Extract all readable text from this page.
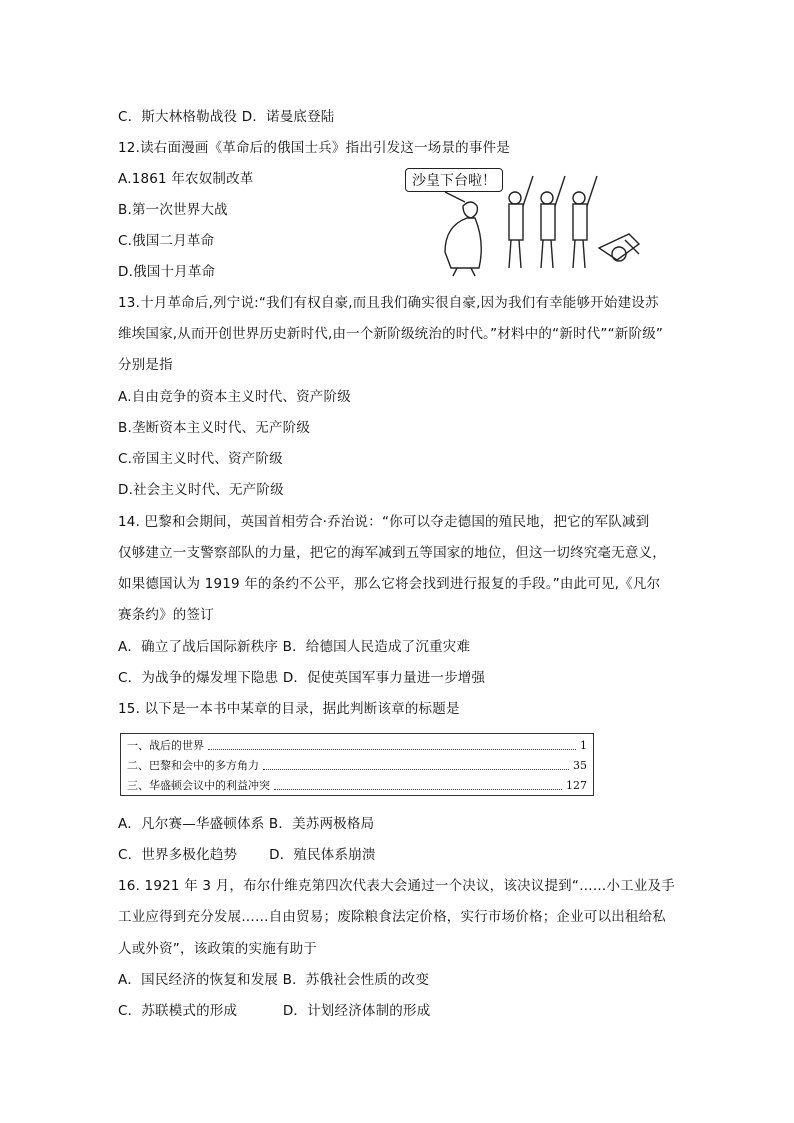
C．斯大林格勒战役 D．诺曼底登陆
12.读右面漫画《革命后的俄国士兵》指出引发这一场景的事件是
A.1861 年农奴制改革
B.第一次世界大战
C.俄国二月革命
D.俄国十月革命
沙皇下台啦！
13.十月革命后,列宁说:“我们有权自豪,而且我们确实很自豪,因为我们有幸能够开始建设苏
维埃国家,从而开创世界历史新时代,由一个新阶级统治的时代。”材料中的“新时代”“新阶级”
分别是指
A.自由竞争的资本主义时代、资产阶级
B.垄断资本主义时代、无产阶级
C.帝国主义时代、资产阶级
D.社会主义时代、无产阶级
14. 巴黎和会期间，英国首相劳合·乔治说：“你可以夺走德国的殖民地，把它的军队减到
仅够建立一支警察部队的力量，把它的海军减到五等国家的地位，但这一切终究毫无意义，
如果德国认为 1919 年的条约不公平，那么它将会找到进行报复的手段。”由此可见,《凡尔
赛条约》的签订
A．确立了战后国际新秩序 B．给德国人民造成了沉重灾难
C．为战争的爆发埋下隐患 D．促使英国军事力量进一步增强
15. 以下是一本书中某章的目录，据此判断该章的标题是
一、战后的世界	1
二、巴黎和会中的多方角力	35
三、华盛顿会议中的利益冲突	127
A．凡尔赛—华盛顿体系 B．美苏两极格局
C．世界多极化趋势　　 D．殖民体系崩溃
16. 1921 年 3 月，布尔什维克第四次代表大会通过一个决议，该决议提到“……小工业及手
工业应得到充分发展……自由贸易；废除粮食法定价格，实行市场价格；企业可以出租给私
人或外资”，该政策的实施有助于
A．国民经济的恢复和发展 B．苏俄社会性质的改变
C．苏联模式的形成　　　 D．计划经济体制的形成
